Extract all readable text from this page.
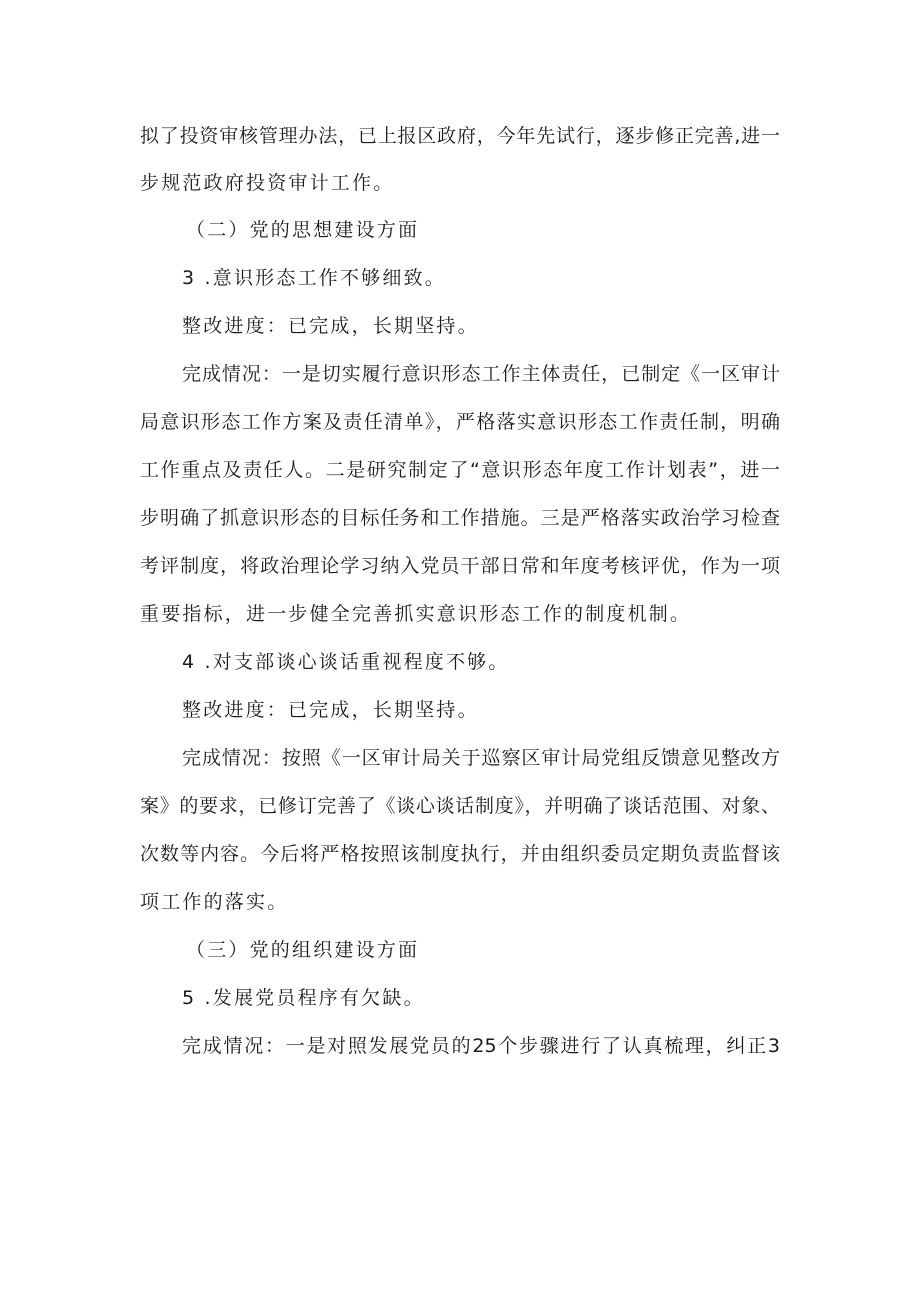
拟了投资审核管理办法，已上报区政府，今年先试行，逐步修正完善,进一
步规范政府投资审计工作。
（二）党的思想建设方面
3 .意识形态工作不够细致。
整改进度：已完成，长期坚持。
完成情况：一是切实履行意识形态工作主体责任，已制定《一区审计
局意识形态工作方案及责任清单》，严格落实意识形态工作责任制，明确
工作重点及责任人。二是研究制定了“意识形态年度工作计划表”，进一
步明确了抓意识形态的目标任务和工作措施。三是严格落实政治学习检查
考评制度，将政治理论学习纳入党员干部日常和年度考核评优，作为一项
重要指标，进一步健全完善抓实意识形态工作的制度机制。
4 .对支部谈心谈话重视程度不够。
整改进度：已完成，长期坚持。
完成情况：按照《一区审计局关于巡察区审计局党组反馈意见整改方
案》的要求，已修订完善了《谈心谈话制度》，并明确了谈话范围、对象、
次数等内容。今后将严格按照该制度执行，并由组织委员定期负责监督该
项工作的落实。
（三）党的组织建设方面
5 .发展党员程序有欠缺。
完成情况：一是对照发展党员的25个步骤进行了认真梳理，纠正3
